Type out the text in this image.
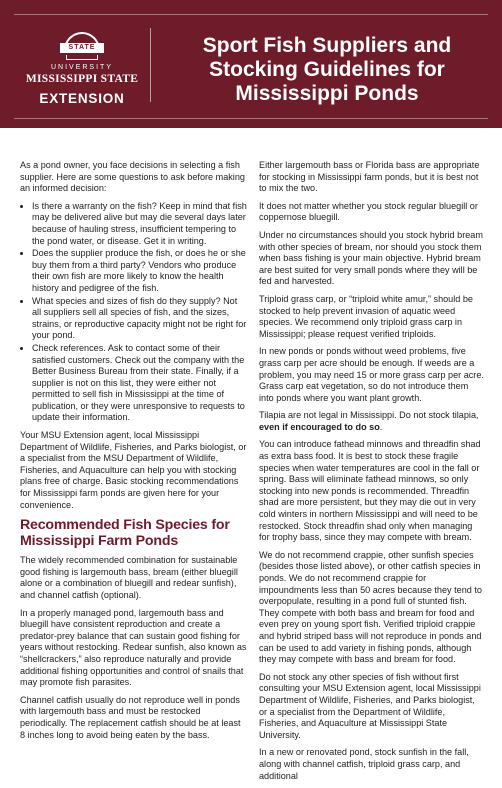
STATE
UNIVERSITY
MISSISSIPPI STATE
EXTENSION
Sport Fish Suppliers and
Stocking Guidelines for
Mississippi Ponds

As a pond owner, you face decisions in selecting a fish supplier. Here are some questions to ask before making an informed decision:

• Is there a warranty on the fish? Keep in mind that fish may be delivered alive but may die several days later because of hauling stress, insufficient tempering to the pond water, or disease. Get it in writing.
• Does the supplier produce the fish, or does he or she buy them from a third party? Vendors who produce their own fish are more likely to know the health history and pedigree of the fish.
• What species and sizes of fish do they supply? Not all suppliers sell all species of fish, and the sizes, strains, or reproductive capacity might not be right for your pond.
• Check references. Ask to contact some of their satisfied customers. Check out the company with the Better Business Bureau from their state. Finally, if a supplier is not on this list, they were either not permitted to sell fish in Mississippi at the time of publication, or they were unresponsive to requests to update their information.

Your MSU Extension agent, local Mississippi Department of Wildlife, Fisheries, and Parks biologist, or a specialist from the MSU Department of Wildlife, Fisheries, and Aquaculture can help you with stocking plans free of charge. Basic stocking recommendations for Mississippi farm ponds are given here for your convenience.

Recommended Fish Species for Mississippi Farm Ponds

The widely recommended combination for sustainable good fishing is largemouth bass, bream (either bluegill alone or a combination of bluegill and redear sunfish), and channel catfish (optional).

In a properly managed pond, largemouth bass and bluegill have consistent reproduction and create a predator-prey balance that can sustain good fishing for years without restocking. Redear sunfish, also known as “shellcrackers,” also reproduce naturally and provide additional fishing opportunities and control of snails that may promote fish parasites.

Channel catfish usually do not reproduce well in ponds with largemouth bass and must be restocked periodically. The replacement catfish should be at least 8 inches long to avoid being eaten by the bass.

Either largemouth bass or Florida bass are appropriate for stocking in Mississippi farm ponds, but it is best not to mix the two.

It does not matter whether you stock regular bluegill or coppernose bluegill.

Under no circumstances should you stock hybrid bream with other species of bream, nor should you stock them when bass fishing is your main objective. Hybrid bream are best suited for very small ponds where they will be fed and harvested.

Triploid grass carp, or “triploid white amur,” should be stocked to help prevent invasion of aquatic weed species. We recommend only triploid grass carp in Mississippi; please request verified triploids.

In new ponds or ponds without weed problems, five grass carp per acre should be enough. If weeds are a problem, you may need 15 or more grass carp per acre. Grass carp eat vegetation, so do not introduce them into ponds where you want plant growth.

Tilapia are not legal in Mississippi. Do not stock tilapia, even if encouraged to do so.

You can introduce fathead minnows and threadfin shad as extra bass food. It is best to stock these fragile species when water temperatures are cool in the fall or spring. Bass will eliminate fathead minnows, so only stocking into new ponds is recommended. Threadfin shad are more persistent, but they may die out in very cold winters in northern Mississippi and will need to be restocked. Stock threadfin shad only when managing for trophy bass, since they may compete with bream.

We do not recommend crappie, other sunfish species (besides those listed above), or other catfish species in ponds. We do not recommend crappie for impoundments less than 50 acres because they tend to overpopulate, resulting in a pond full of stunted fish. They compete with both bass and bream for food and even prey on young sport fish. Verified triploid crappie and hybrid striped bass will not reproduce in ponds and can be used to add variety in fishing ponds, although they may compete with bass and bream for food.

Do not stock any other species of fish without first consulting your MSU Extension agent, local Mississippi Department of Wildlife, Fisheries, and Parks biologist, or a specialist from the Department of Wildlife, Fisheries, and Aquaculture at Mississippi State University.

In a new or renovated pond, stock sunfish in the fall, along with channel catfish, triploid grass carp, and additional
